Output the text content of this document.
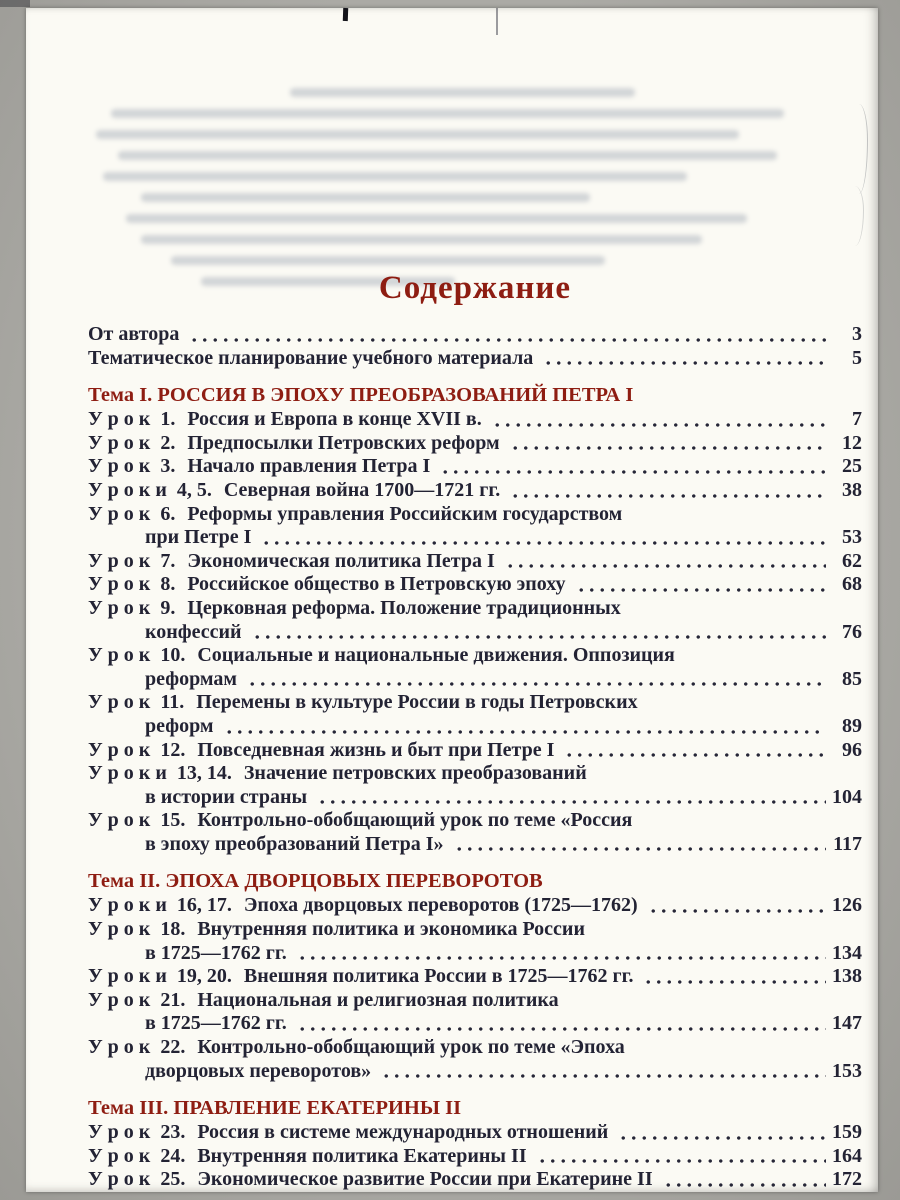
Содержание
От автора	3
Тематическое планирование учебного материала	5
Тема I. РОССИЯ В ЭПОХУ ПРЕОБРАЗОВАНИЙ ПЕТРА I
У р о к  1. Россия и Европа в конце XVII в.	7
У р о к  2. Предпосылки Петровских реформ	12
У р о к  3. Начало правления Петра I	25
У р о к и  4, 5. Северная война 1700—1721 гг.	38
У р о к  6. Реформы управления Российским государством
при Петре I	53
У р о к  7. Экономическая политика Петра I	62
У р о к  8. Российское общество в Петровскую эпоху	68
У р о к  9. Церковная реформа. Положение традиционных
конфессий	76
У р о к  10. Социальные и национальные движения. Оппозиция
реформам	85
У р о к  11. Перемены в культуре России в годы Петровских
реформ	89
У р о к  12. Повседневная жизнь и быт при Петре I	96
У р о к и  13, 14. Значение петровских преобразований
в истории страны	104
У р о к  15. Контрольно-обобщающий урок по теме «Россия
в эпоху преобразований Петра I»	117
Тема II. ЭПОХА ДВОРЦОВЫХ ПЕРЕВОРОТОВ
У р о к и  16, 17. Эпоха дворцовых переворотов (1725—1762)	126
У р о к  18. Внутренняя политика и экономика России
в 1725—1762 гг.	134
У р о к и  19, 20. Внешняя политика России в 1725—1762 гг.	138
У р о к  21. Национальная и религиозная политика
в 1725—1762 гг.	147
У р о к  22. Контрольно-обобщающий урок по теме «Эпоха
дворцовых переворотов»	153
Тема III. ПРАВЛЕНИЕ ЕКАТЕРИНЫ II
У р о к  23. Россия в системе международных отношений	159
У р о к  24. Внутренняя политика Екатерины II	164
У р о к  25. Экономическое развитие России при Екатерине II	172
